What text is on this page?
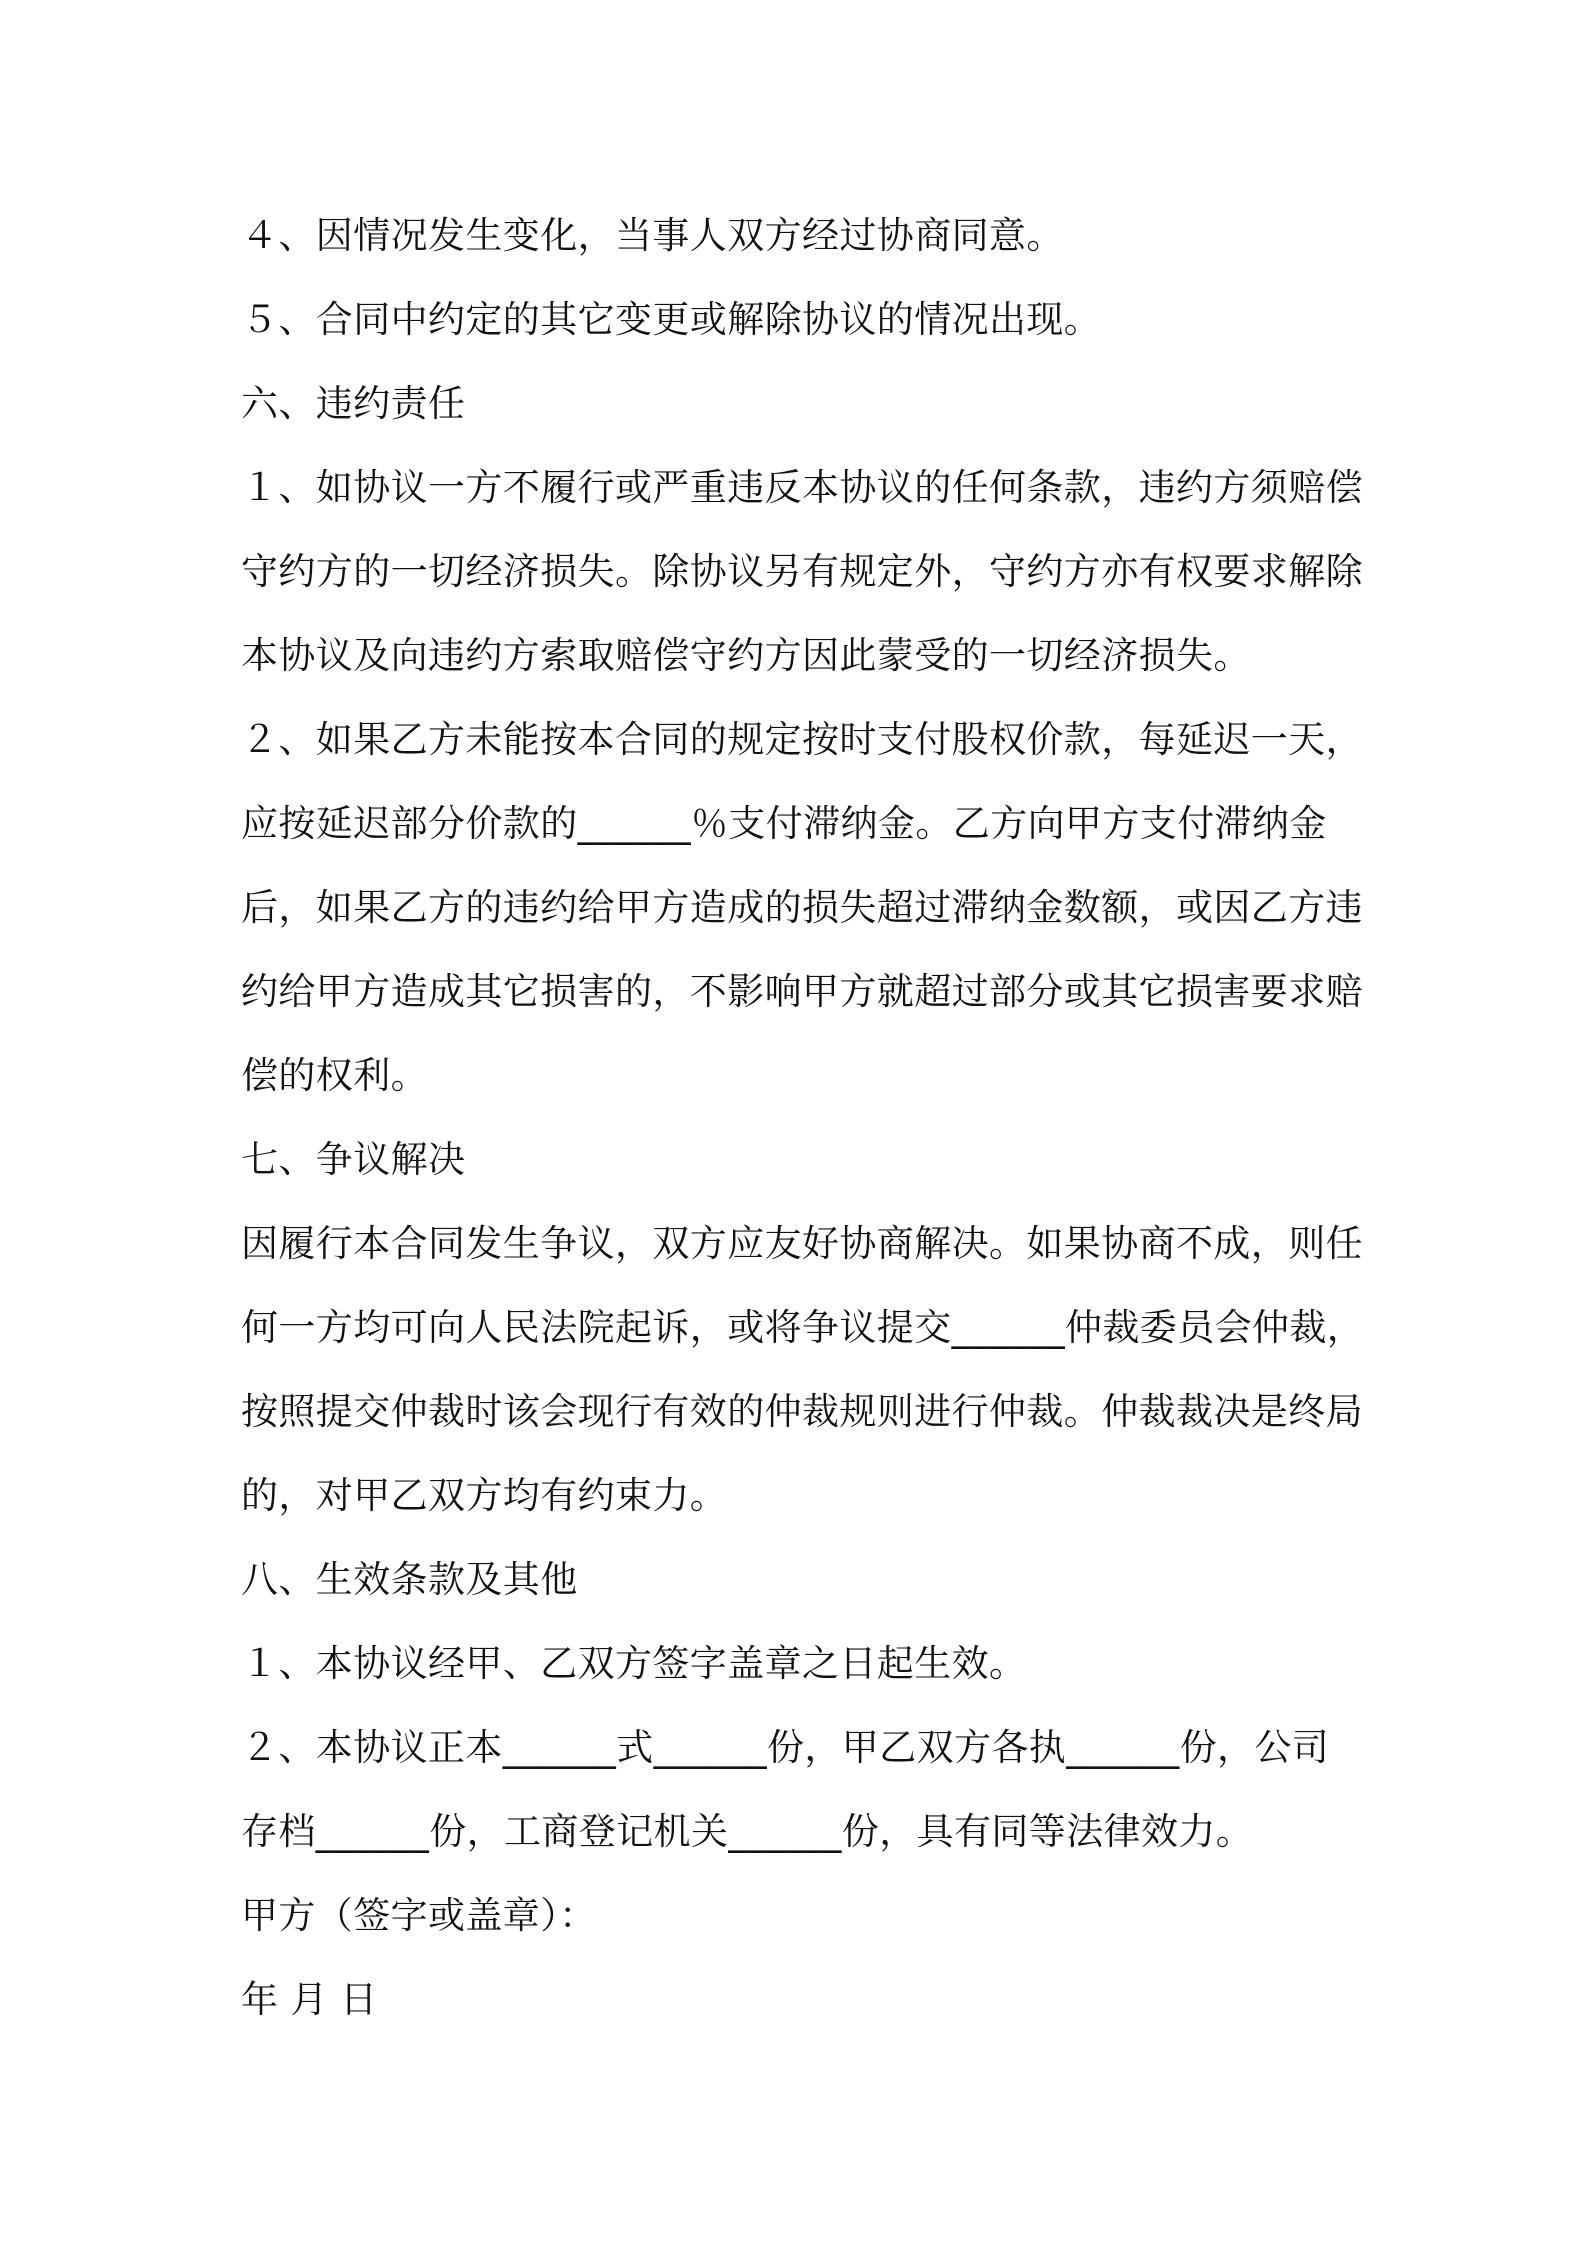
４、因情况发生变化，当事人双方经过协商同意。
５、合同中约定的其它变更或解除协议的情况出现。
六、违约责任
１、如协议一方不履行或严重违反本协议的任何条款，违约方须赔偿
守约方的一切经济损失。除协议另有规定外，守约方亦有权要求解除
本协议及向违约方索取赔偿守约方因此蒙受的一切经济损失。
２、如果乙方未能按本合同的规定按时支付股权价款，每延迟一天，
应按延迟部分价款的______％支付滞纳金。乙方向甲方支付滞纳金
后，如果乙方的违约给甲方造成的损失超过滞纳金数额，或因乙方违
约给甲方造成其它损害的，不影响甲方就超过部分或其它损害要求赔
偿的权利。
七、争议解决
因履行本合同发生争议，双方应友好协商解决。如果协商不成，则任
何一方均可向人民法院起诉，或将争议提交______仲裁委员会仲裁，
按照提交仲裁时该会现行有效的仲裁规则进行仲裁。仲裁裁决是终局
的，对甲乙双方均有约束力。
八、生效条款及其他
１、本协议经甲、乙双方签字盖章之日起生效。
２、本协议正本______式______份，甲乙双方各执______份，公司
存档______份，工商登记机关______份，具有同等法律效力。
甲方（签字或盖章）：
年 月 日
